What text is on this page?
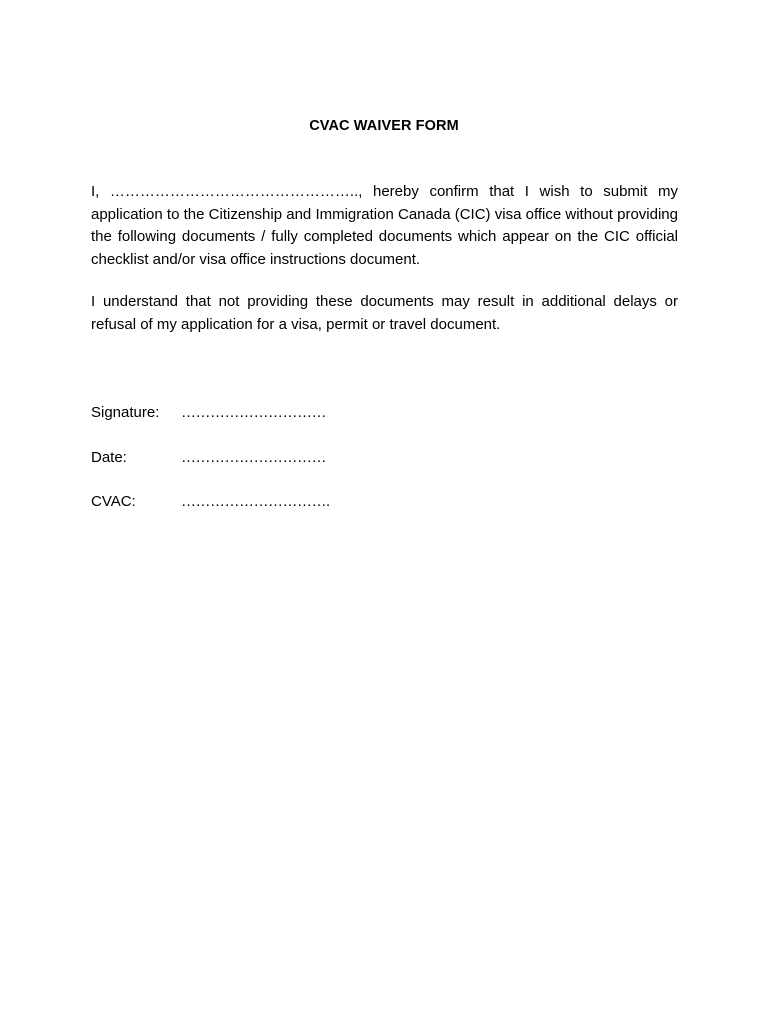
CVAC WAIVER FORM
I, ………………………………………….., hereby confirm that I wish to submit my application to the Citizenship and Immigration Canada (CIC) visa office without providing the following documents / fully completed documents which appear on the CIC official checklist and/or visa office instructions document.
I understand that not providing these documents may result in additional delays or refusal of my application for a visa, permit or travel document.
Signature:	…………………………
Date:	…………………………
CVAC:	………………………….
